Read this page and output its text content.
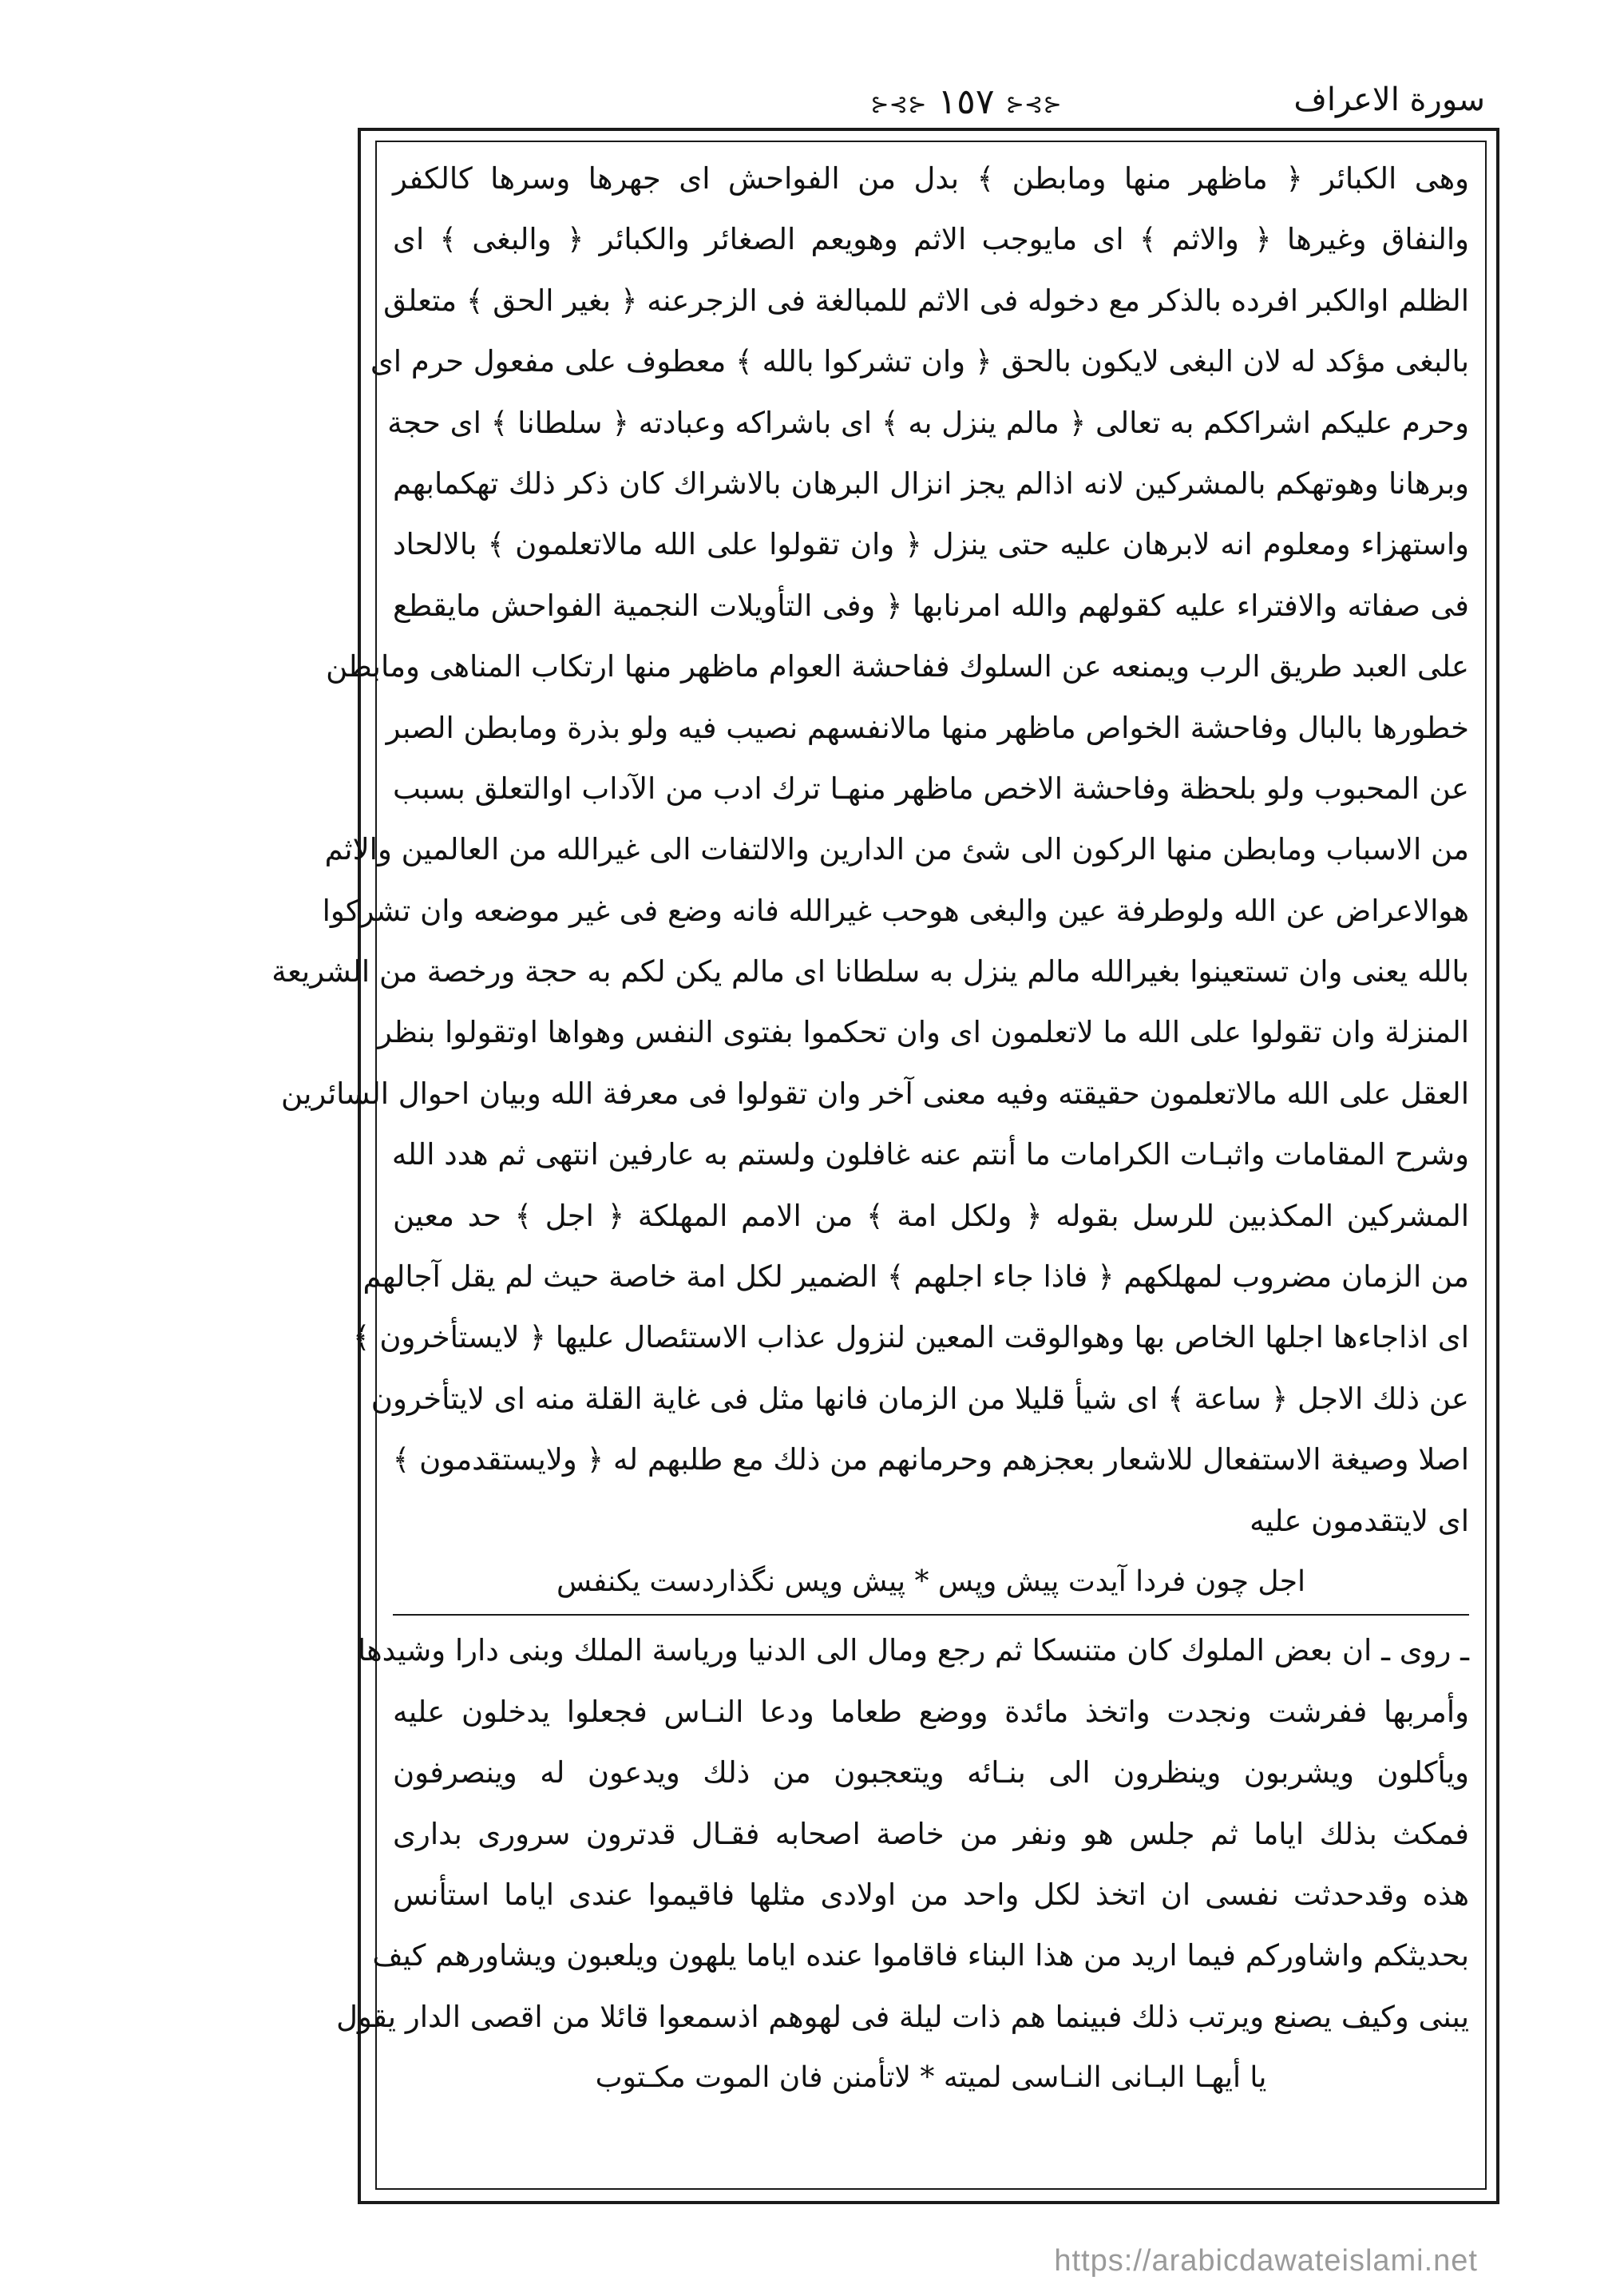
سورة الاعراف
⊰⊱⊰ ١٥٧ ⊰⊱⊰
وهى الكبائر ﴿ ماظهر منها ومابطن ﴾ بدل من الفواحش اى جهرها وسرها كالكفر
والنفاق وغيرها ﴿ والاثم ﴾ اى مايوجب الاثم وهويعم الصغائر والكبائر ﴿ والبغى ﴾ اى
الظلم اوالكبر افرده بالذكر مع دخوله فى الاثم للمبالغة فى الزجرعنه ﴿ بغير الحق ﴾ متعلق
بالبغى مؤكد له لان البغى لايكون بالحق ﴿ وان تشركوا بالله ﴾ معطوف على مفعول حرم اى
وحرم عليكم اشراككم به تعالى ﴿ مالم ينزل به ﴾ اى باشراكه وعبادته ﴿ سلطانا ﴾ اى حجة
وبرهانا وهوتهكم بالمشركين لانه اذالم يجز انزال البرهان بالاشراك كان ذكر ذلك تهكمابهم
واستهزاء ومعلوم انه لابرهان عليه حتى ينزل ﴿ وان تقولوا على الله مالاتعلمون ﴾ بالالحاد
فى صفاته والافتراء عليه كقولهم والله امرنابها ﴿ وفى التأويلات النجمية الفواحش مايقطع
على العبد طريق الرب ويمنعه عن السلوك ففاحشة العوام ماظهر منها ارتكاب المناهى ومابطن
خطورها بالبال وفاحشة الخواص ماظهر منها مالانفسهم نصيب فيه ولو بذرة ومابطن الصبر
عن المحبوب ولو بلحظة وفاحشة الاخص ماظهر منهـا ترك ادب من الآداب اوالتعلق بسبب
من الاسباب ومابطن منها الركون الى شئ من الدارين والالتفات الى غيرالله من العالمين والاثم
هوالاعراض عن الله ولوطرفة عين والبغى هوحب غيرالله فانه وضع فى غير موضعه وان تشركوا
بالله يعنى وان تستعينوا بغيرالله مالم ينزل به سلطانا اى مالم يكن لكم به حجة ورخصة من الشريعة
المنزلة وان تقولوا على الله ما لاتعلمون اى وان تحكموا بفتوى النفس وهواها اوتقولوا بنظر
العقل على الله مالاتعلمون حقيقته وفيه معنى آخر وان تقولوا فى معرفة الله وبيان احوال السائرين
وشرح المقامات واثبـات الكرامات ما أنتم عنه غافلون ولستم به عارفين انتهى ثم هدد الله
المشركين المكذبين للرسل بقوله ﴿ ولكل امة ﴾ من الامم المهلكة ﴿ اجل ﴾ حد معين
من الزمان مضروب لمهلكهم ﴿ فاذا جاء اجلهم ﴾ الضمير لكل امة خاصة حيث لم يقل آجالهم
اى اذاجاءها اجلها الخاص بها وهوالوقت المعين لنزول عذاب الاستئصال عليها ﴿ لايستأخرون ﴾
عن ذلك الاجل ﴿ ساعة ﴾ اى شيأ قليلا من الزمان فانها مثل فى غاية القلة منه اى لايتأخرون
اصلا وصيغة الاستفعال للاشعار بعجزهم وحرمانهم من ذلك مع طلبهم له ﴿ ولايستقدمون ﴾
اى لايتقدمون عليه
اجل چون فردا آيدت پيش وپس * پيش وپس نگذاردست يكنفس
ـ روى ـ ان بعض الملوك كان متنسكا ثم رجع ومال الى الدنيا ورياسة الملك وبنى دارا وشيدها
وأمربها ففرشت ونجدت واتخذ مائدة ووضع طعاما ودعا النـاس فجعلوا يدخلون عليه
ويأكلون ويشربون وينظرون الى بنـائه ويتعجبون من ذلك ويدعون له وينصرفون
فمكث بذلك اياما ثم جلس هو ونفر من خاصة اصحابه فقـال قدترون سروری بداری
هذه وقدحدثت نفسى ان اتخذ لكل واحد من اولادى مثلها فاقيموا عندى اياما استأنس
بحديثكم واشاوركم فيما اريد من هذا البناء فاقاموا عنده اياما يلهون ويلعبون ويشاورهم كيف
يبنى وكيف يصنع ويرتب ذلك فبينما هم ذات ليلة فى لهوهم اذسمعوا قائلا من اقصى الدار يقول
يا أيهـا البـانى النـاسى لميته * لاتأمنن فان الموت مكـتوب
https://arabicdawateislami.net
